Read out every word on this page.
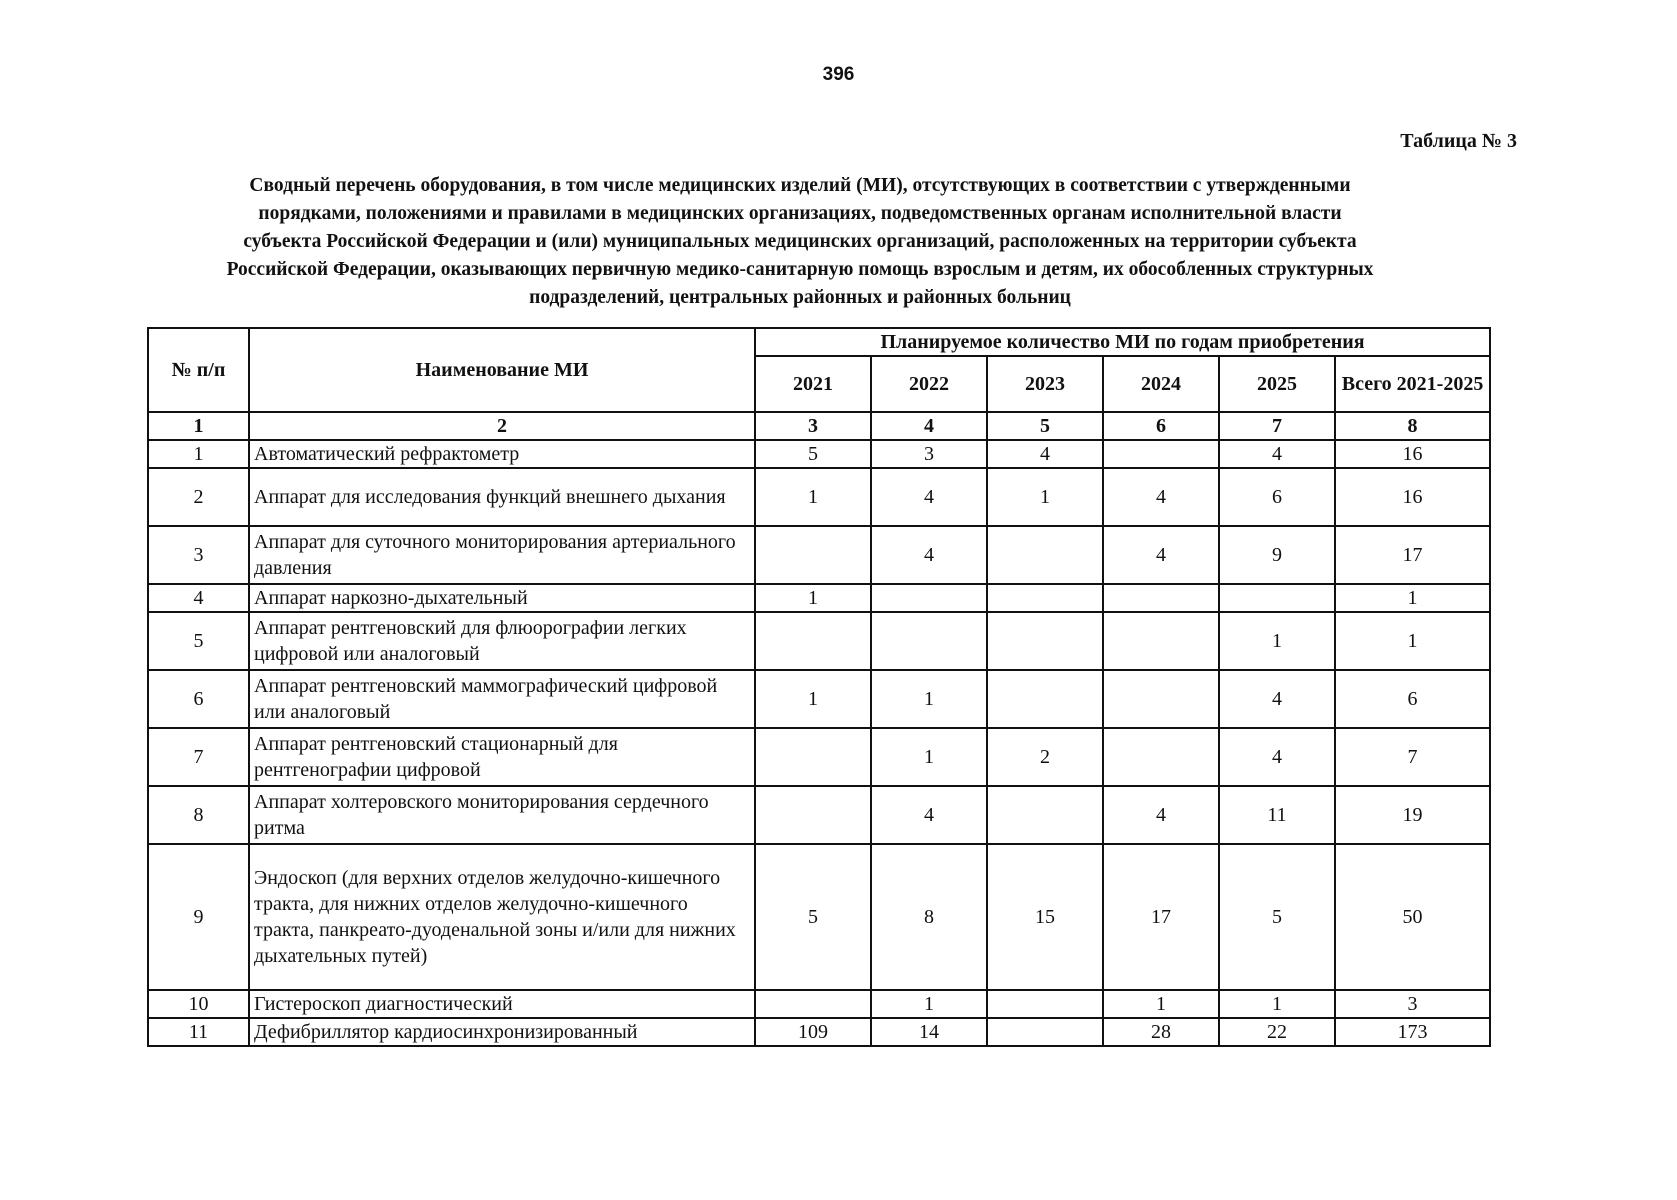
396
Таблица № 3
Сводный перечень оборудования, в том числе медицинских изделий (МИ), отсутствующих в соответствии с утвержденными
порядками, положениями и правилами в медицинских организациях, подведомственных органам исполнительной власти
субъекта Российской Федерации и (или) муниципальных медицинских организаций, расположенных на территории субъекта
Российской Федерации, оказывающих первичную медико-санитарную помощь взрослым и детям, их обособленных структурных
подразделений, центральных районных и районных больниц
№ п/п	Наименование МИ	Планируемое количество МИ по годам приобретения					
		2021	2022	2023	2024	2025	Всего 2021-2025
1	2	3	4	5	6	7	8
1	Автоматический рефрактометр	5	3	4		4	16
2	Аппарат для исследования функций внешнего дыхания	1	4	1	4	6	16
3	Аппарат для суточного мониторирования артериального давления		4		4	9	17
4	Аппарат наркозно-дыхательный	1					1
5	Аппарат рентгеновский для флюорографии легких цифровой или аналоговый					1	1
6	Аппарат рентгеновский маммографический цифровой или аналоговый	1	1			4	6
7	Аппарат рентгеновский стационарный для рентгенографии цифровой		1	2		4	7
8	Аппарат холтеровского мониторирования сердечного ритма		4		4	11	19
9	Эндоскоп (для верхних отделов желудочно-кишечного тракта, для нижних отделов желудочно-кишечного тракта, панкреато-дуоденальной зоны и/или для нижних дыхательных путей)	5	8	15	17	5	50
10	Гистероскоп диагностический		1		1	1	3
11	Дефибриллятор кардиосинхронизированный	109	14		28	22	173
